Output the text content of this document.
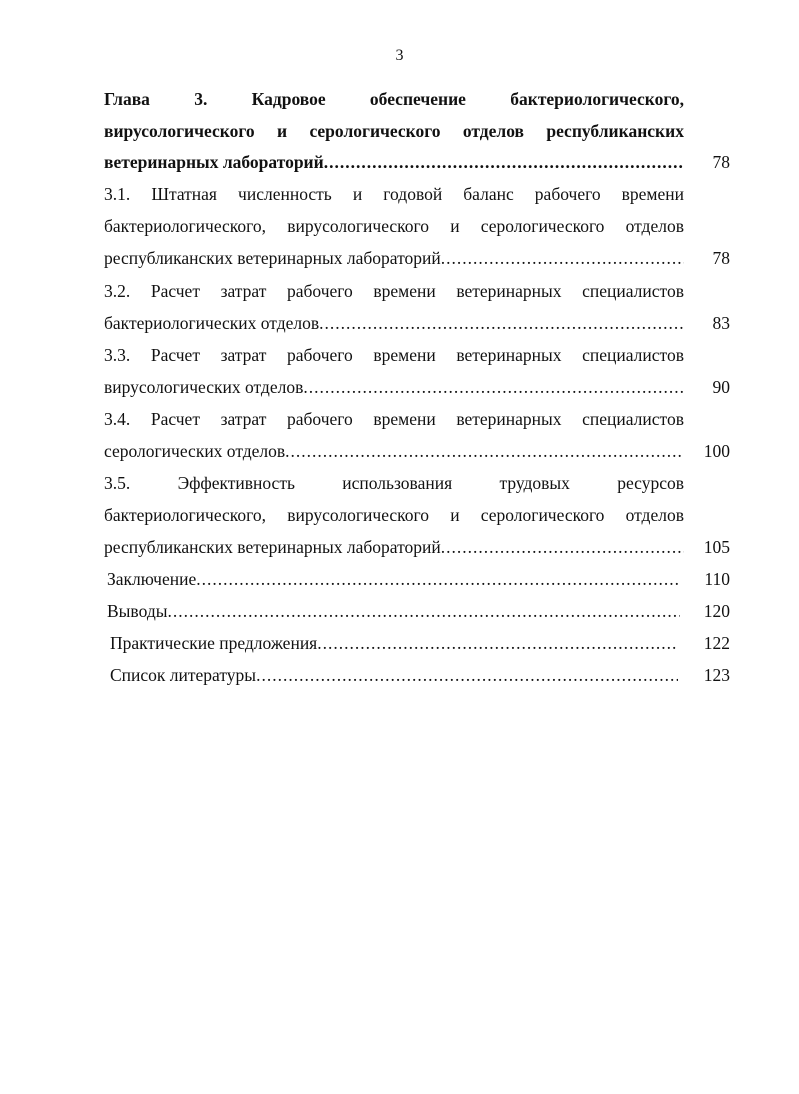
3
Глава	3.	Кадровое	обеспечение	бактериологического,
вирусологического и серологического отделов республиканских
ветеринарных лабораторий .....	78
3.1. Штатная численность и годовой баланс рабочего времени
бактериологического, вирусологического и серологического отделов
республиканских ветеринарных лабораторий .....	78
3.2. Расчет затрат рабочего времени ветеринарных специалистов
бактериологических отделов .....	83
3.3. Расчет затрат рабочего времени ветеринарных специалистов
вирусологических отделов .....	90
3.4. Расчет затрат рабочего времени ветеринарных специалистов
серологических отделов .....	100
3.5.	Эффективность	использования	трудовых	ресурсов
бактериологического, вирусологического и серологического отделов
республиканских ветеринарных лабораторий .....	105
Заключение .....	110
Выводы .....	120
Практические предложения .....	122
Список литературы .....	123
